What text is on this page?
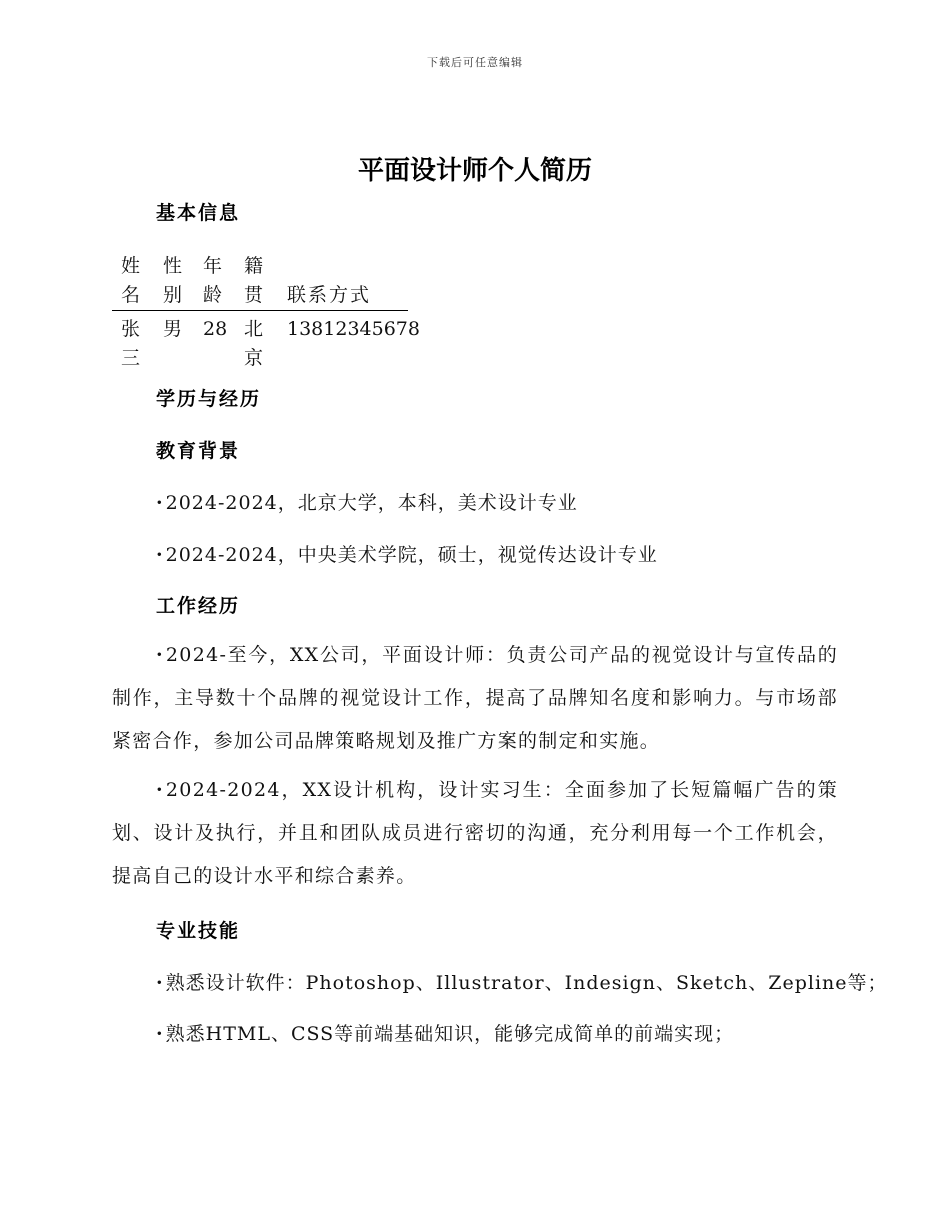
下载后可任意编辑
平面设计师个人简历
基本信息
姓名
性别
年龄
籍贯 联系方式
张三
男 28 北京
13812345678
学历与经历
教育背景
· 2024-2024，北京大学，本科，美术设计专业
· 2024-2024，中央美术学院，硕士，视觉传达设计专业
工作经历
· 2024-至今，XX公司，平面设计师：负责公司产品的视觉设计与宣传品的制作，主导数十个品牌的视觉设计工作，提高了品牌知名度和影响力。与市场部紧密合作，参加公司品牌策略规划及推广方案的制定和实施。
· 2024-2024，XX设计机构，设计实习生：全面参加了长短篇幅广告的策划、设计及执行，并且和团队成员进行密切的沟通，充分利用每一个工作机会，提高自己的设计水平和综合素养。
专业技能
· 熟悉设计软件：Photoshop、Illustrator、Indesign、Sketch、Zepline等；
· 熟悉HTML、CSS等前端基础知识，能够完成简单的前端实现；
